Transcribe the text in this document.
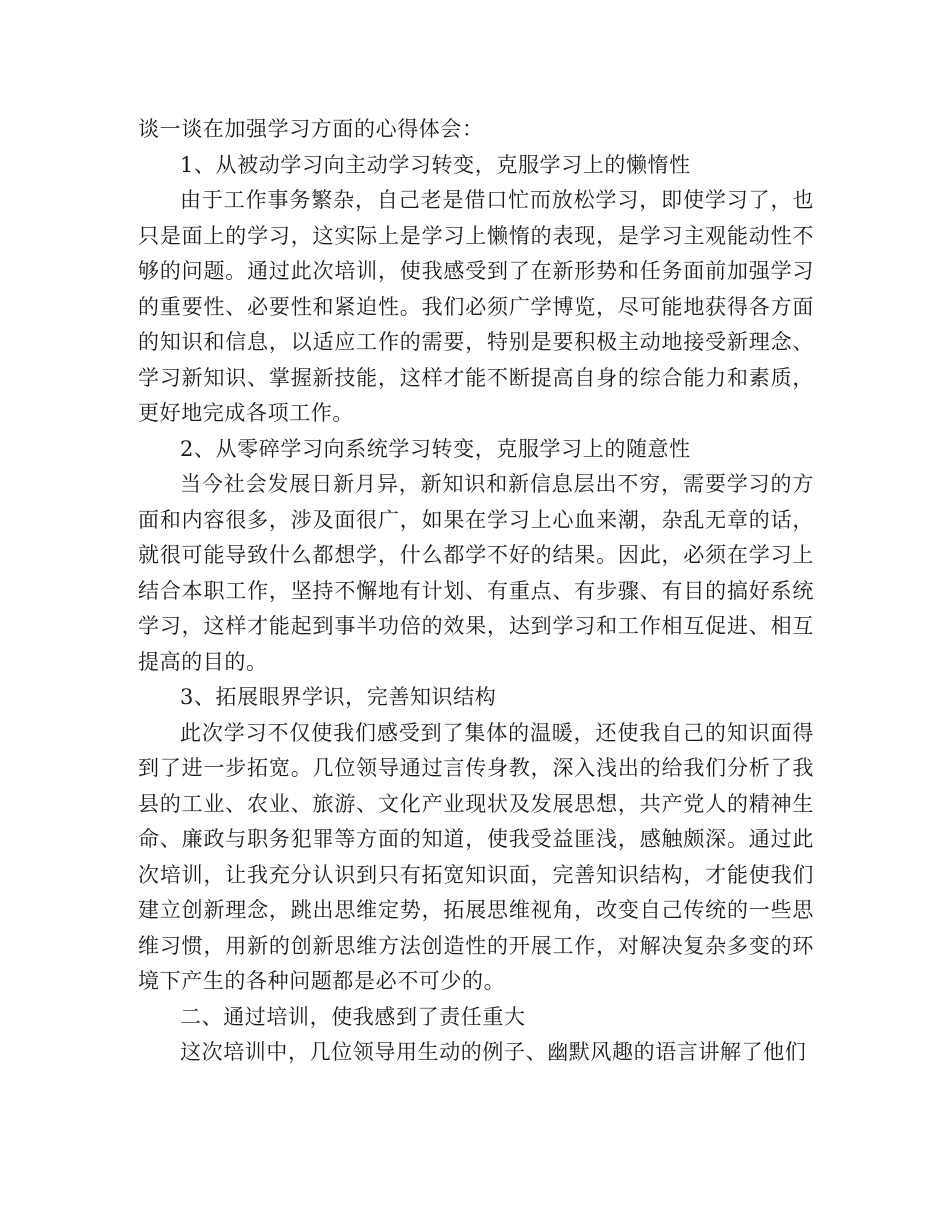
谈一谈在加强学习方面的心得体会：

1、从被动学习向主动学习转变，克服学习上的懒惰性

由于工作事务繁杂，自己老是借口忙而放松学习，即使学习了，也只是面上的学习，这实际上是学习上懒惰的表现，是学习主观能动性不够的问题。通过此次培训，使我感受到了在新形势和任务面前加强学习的重要性、必要性和紧迫性。我们必须广学博览，尽可能地获得各方面的知识和信息，以适应工作的需要，特别是要积极主动地接受新理念、学习新知识、掌握新技能，这样才能不断提高自身的综合能力和素质，更好地完成各项工作。

2、从零碎学习向系统学习转变，克服学习上的随意性

当今社会发展日新月异，新知识和新信息层出不穷，需要学习的方面和内容很多，涉及面很广，如果在学习上心血来潮，杂乱无章的话，就很可能导致什么都想学，什么都学不好的结果。因此，必须在学习上结合本职工作，坚持不懈地有计划、有重点、有步骤、有目的搞好系统学习，这样才能起到事半功倍的效果，达到学习和工作相互促进、相互提高的目的。

3、拓展眼界学识，完善知识结构

此次学习不仅使我们感受到了集体的温暖，还使我自己的知识面得到了进一步拓宽。几位领导通过言传身教，深入浅出的给我们分析了我县的工业、农业、旅游、文化产业现状及发展思想，共产党人的精神生命、廉政与职务犯罪等方面的知道，使我受益匪浅，感触颇深。通过此次培训，让我充分认识到只有拓宽知识面，完善知识结构，才能使我们建立创新理念，跳出思维定势，拓展思维视角，改变自己传统的一些思维习惯，用新的创新思维方法创造性的开展工作，对解决复杂多变的环境下产生的各种问题都是必不可少的。

二、通过培训，使我感到了责任重大

这次培训中，几位领导用生动的例子、幽默风趣的语言讲解了他们
